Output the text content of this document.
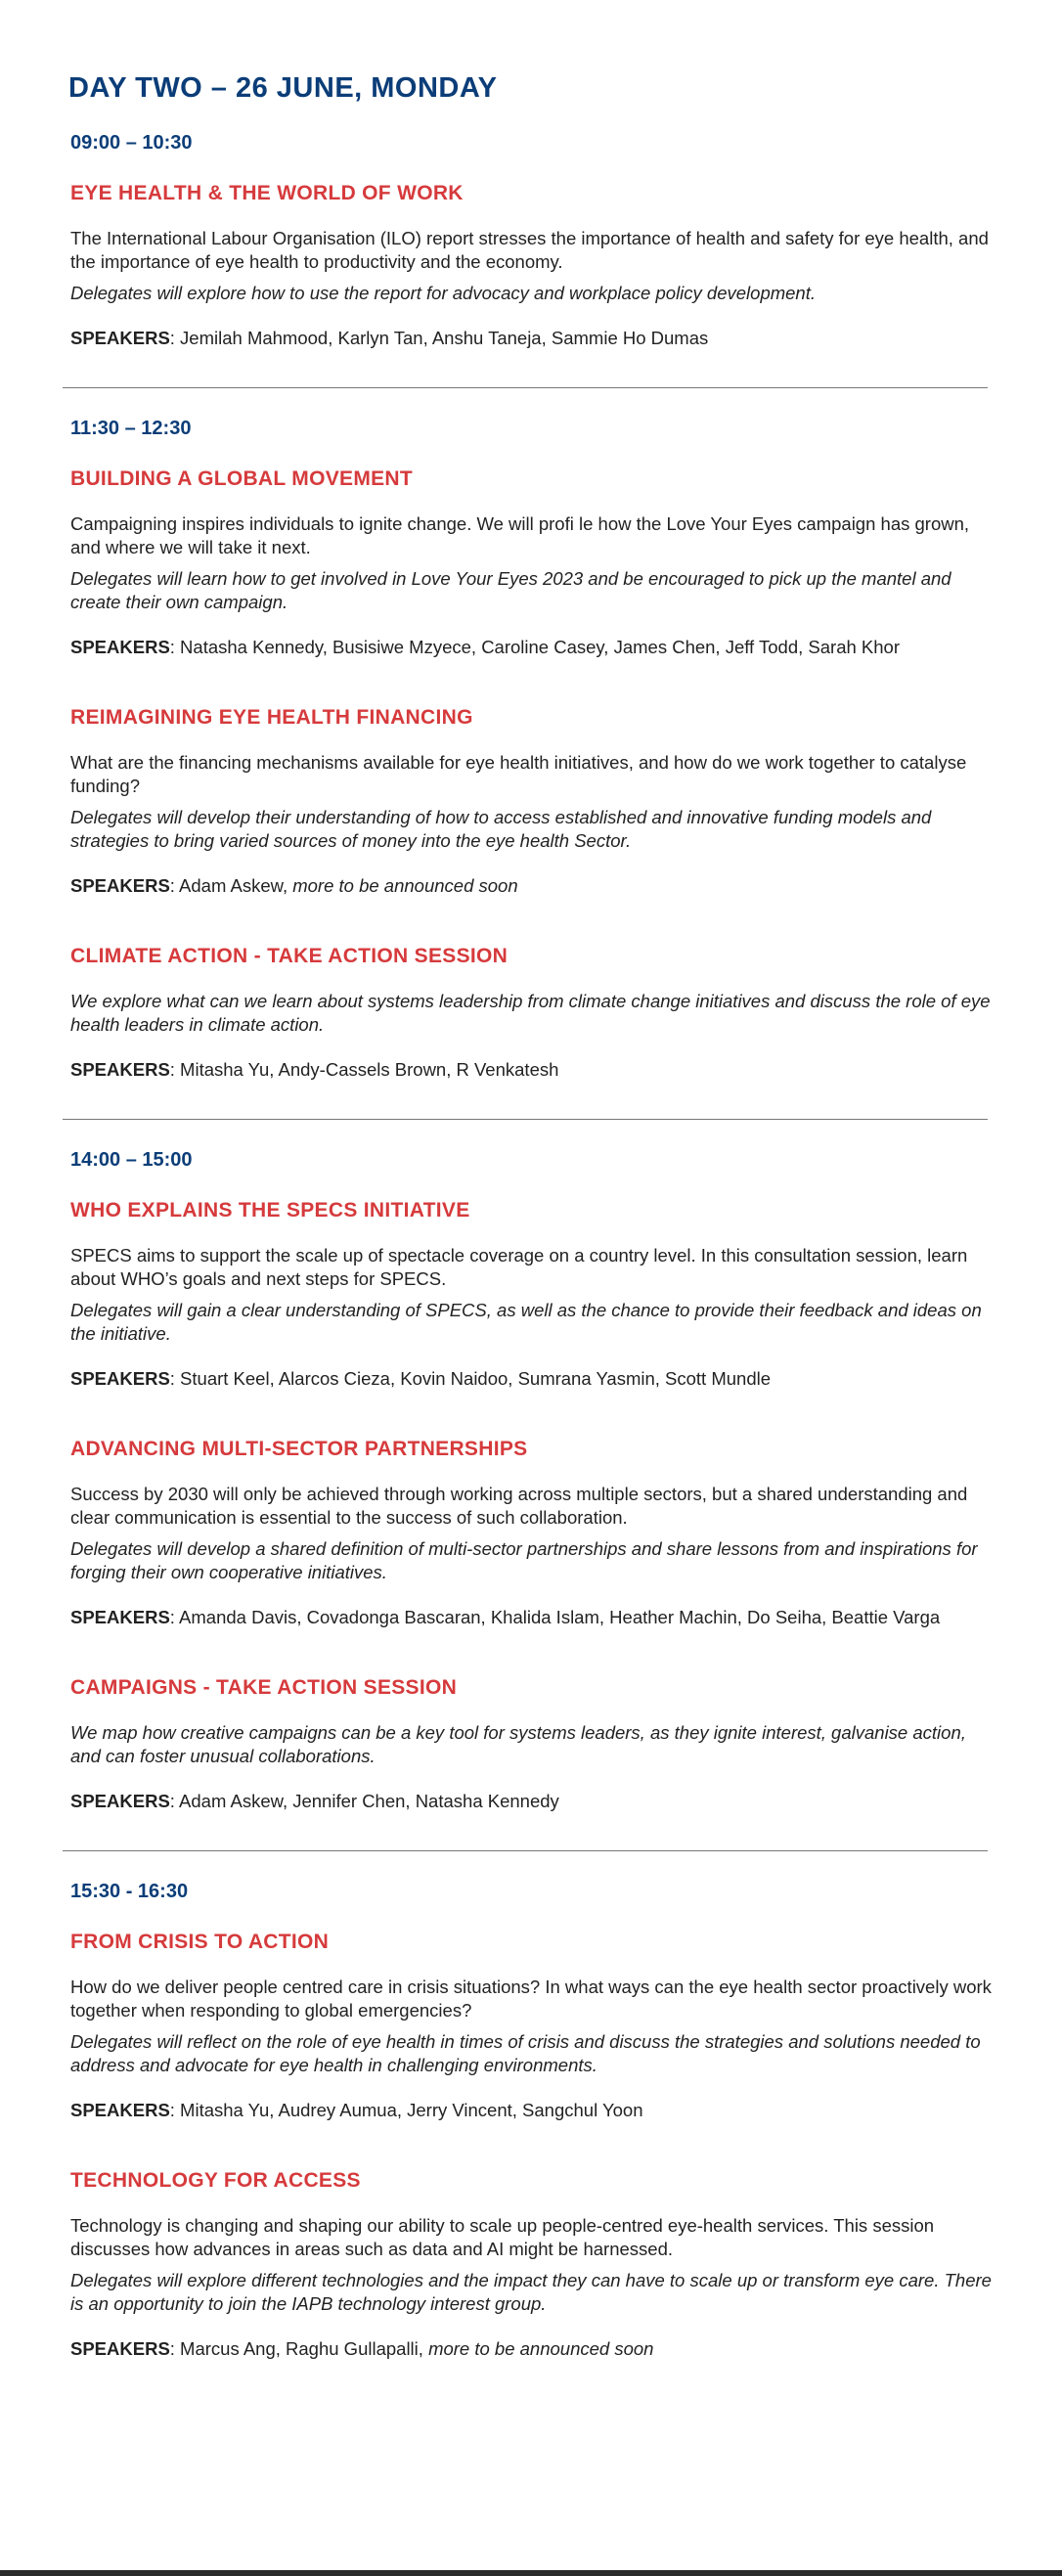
DAY TWO – 26 JUNE, MONDAY

09:00 – 10:30

EYE HEALTH & THE WORLD OF WORK

The International Labour Organisation (ILO) report stresses the importance of health and safety for eye health, and the importance of eye health to productivity and the economy.

Delegates will explore how to use the report for advocacy and workplace policy development.

SPEAKERS: Jemilah Mahmood, Karlyn Tan, Anshu Taneja, Sammie Ho Dumas

11:30 – 12:30

BUILDING A GLOBAL MOVEMENT

Campaigning inspires individuals to ignite change. We will profi le how the Love Your Eyes campaign has grown, and where we will take it next.

Delegates will learn how to get involved in Love Your Eyes 2023 and be encouraged to pick up the mantel and create their own campaign.

SPEAKERS: Natasha Kennedy, Busisiwe Mzyece, Caroline Casey, James Chen, Jeff Todd, Sarah Khor

REIMAGINING EYE HEALTH FINANCING

What are the financing mechanisms available for eye health initiatives, and how do we work together to catalyse funding?

Delegates will develop their understanding of how to access established and innovative funding models and strategies to bring varied sources of money into the eye health Sector.

SPEAKERS: Adam Askew, more to be announced soon

CLIMATE ACTION - TAKE ACTION SESSION

We explore what can we learn about systems leadership from climate change initiatives and discuss the role of eye health leaders in climate action.

SPEAKERS: Mitasha Yu, Andy-Cassels Brown, R Venkatesh

14:00 – 15:00

WHO EXPLAINS THE SPECS INITIATIVE

SPECS aims to support the scale up of spectacle coverage on a country level. In this consultation session, learn about WHO’s goals and next steps for SPECS.

Delegates will gain a clear understanding of SPECS, as well as the chance to provide their feedback and ideas on the initiative.

SPEAKERS: Stuart Keel, Alarcos Cieza, Kovin Naidoo, Sumrana Yasmin, Scott Mundle

ADVANCING MULTI-SECTOR PARTNERSHIPS

Success by 2030 will only be achieved through working across multiple sectors, but a shared understanding and clear communication is essential to the success of such collaboration.

Delegates will develop a shared definition of multi-sector partnerships and share lessons from and inspirations for forging their own cooperative initiatives.

SPEAKERS: Amanda Davis, Covadonga Bascaran, Khalida Islam, Heather Machin, Do Seiha, Beattie Varga

CAMPAIGNS - TAKE ACTION SESSION

We map how creative campaigns can be a key tool for systems leaders, as they ignite interest, galvanise action, and can foster unusual collaborations.

SPEAKERS: Adam Askew, Jennifer Chen, Natasha Kennedy

15:30 - 16:30

FROM CRISIS TO ACTION

How do we deliver people centred care in crisis situations? In what ways can the eye health sector proactively work together when responding to global emergencies?

Delegates will reflect on the role of eye health in times of crisis and discuss the strategies and solutions needed to address and advocate for eye health in challenging environments.

SPEAKERS: Mitasha Yu, Audrey Aumua, Jerry Vincent, Sangchul Yoon

TECHNOLOGY FOR ACCESS

Technology is changing and shaping our ability to scale up people-centred eye-health services. This session discusses how advances in areas such as data and AI might be harnessed.

Delegates will explore different technologies and the impact they can have to scale up or transform eye care. There is an opportunity to join the IAPB technology interest group.

SPEAKERS: Marcus Ang, Raghu Gullapalli, more to be announced soon
